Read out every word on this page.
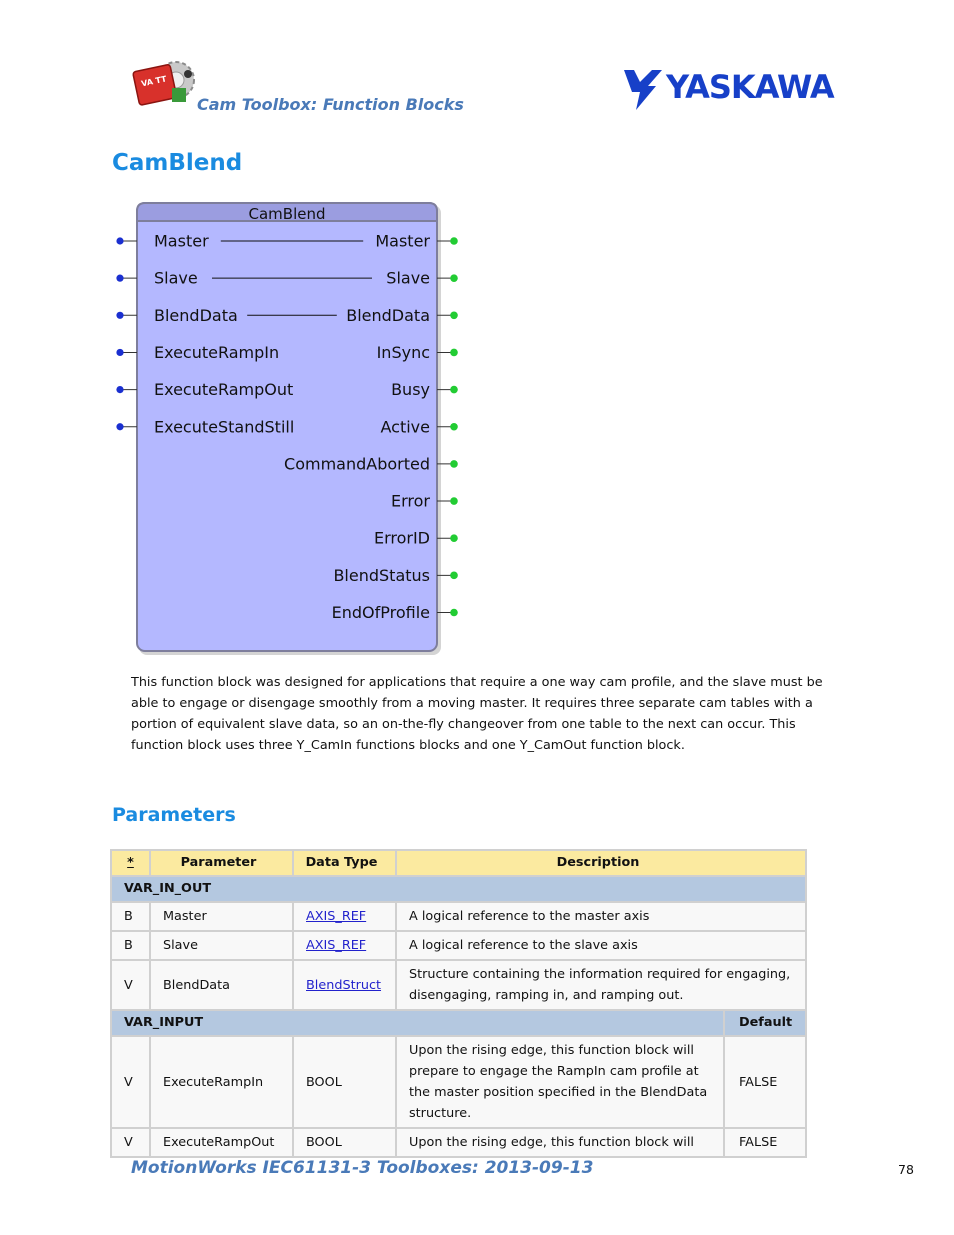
VA TT
Cam Toolbox: Function Blocks	YASKAWA
CamBlend
CamBlend
Master
Slave
BlendData
ExecuteRampIn
ExecuteRampOut
ExecuteStandStill
Master
Slave
BlendData
InSync
Busy
Active
CommandAborted
Error
ErrorID
BlendStatus
EndOfProfile
This function block was designed for applications that require a one way cam profile, and the slave must be able to engage or disengage smoothly from a moving master. It requires three separate cam tables with a portion of equivalent slave data, so an on-the-fly changeover from one table to the next can occur. This function block uses three Y_CamIn functions blocks and one Y_CamOut function block.
Parameters
*	Parameter	Data Type	Description	
VAR_IN_OUT				
B	Master	AXIS_REF	A logical reference to the master axis	
B	Slave	AXIS_REF	A logical reference to the slave axis	
V	BlendData	BlendStruct	Structure containing the information required for engaging, disengaging, ramping in, and ramping out.	
VAR_INPUT				Default
V	ExecuteRampIn	BOOL	Upon the rising edge, this function block will prepare to engage the RampIn cam profile at the master position specified in the BlendData structure.	FALSE
V	ExecuteRampOut	BOOL	Upon the rising edge, this function block will	FALSE
MotionWorks IEC61131-3 Toolboxes: 2013-09-13	78
